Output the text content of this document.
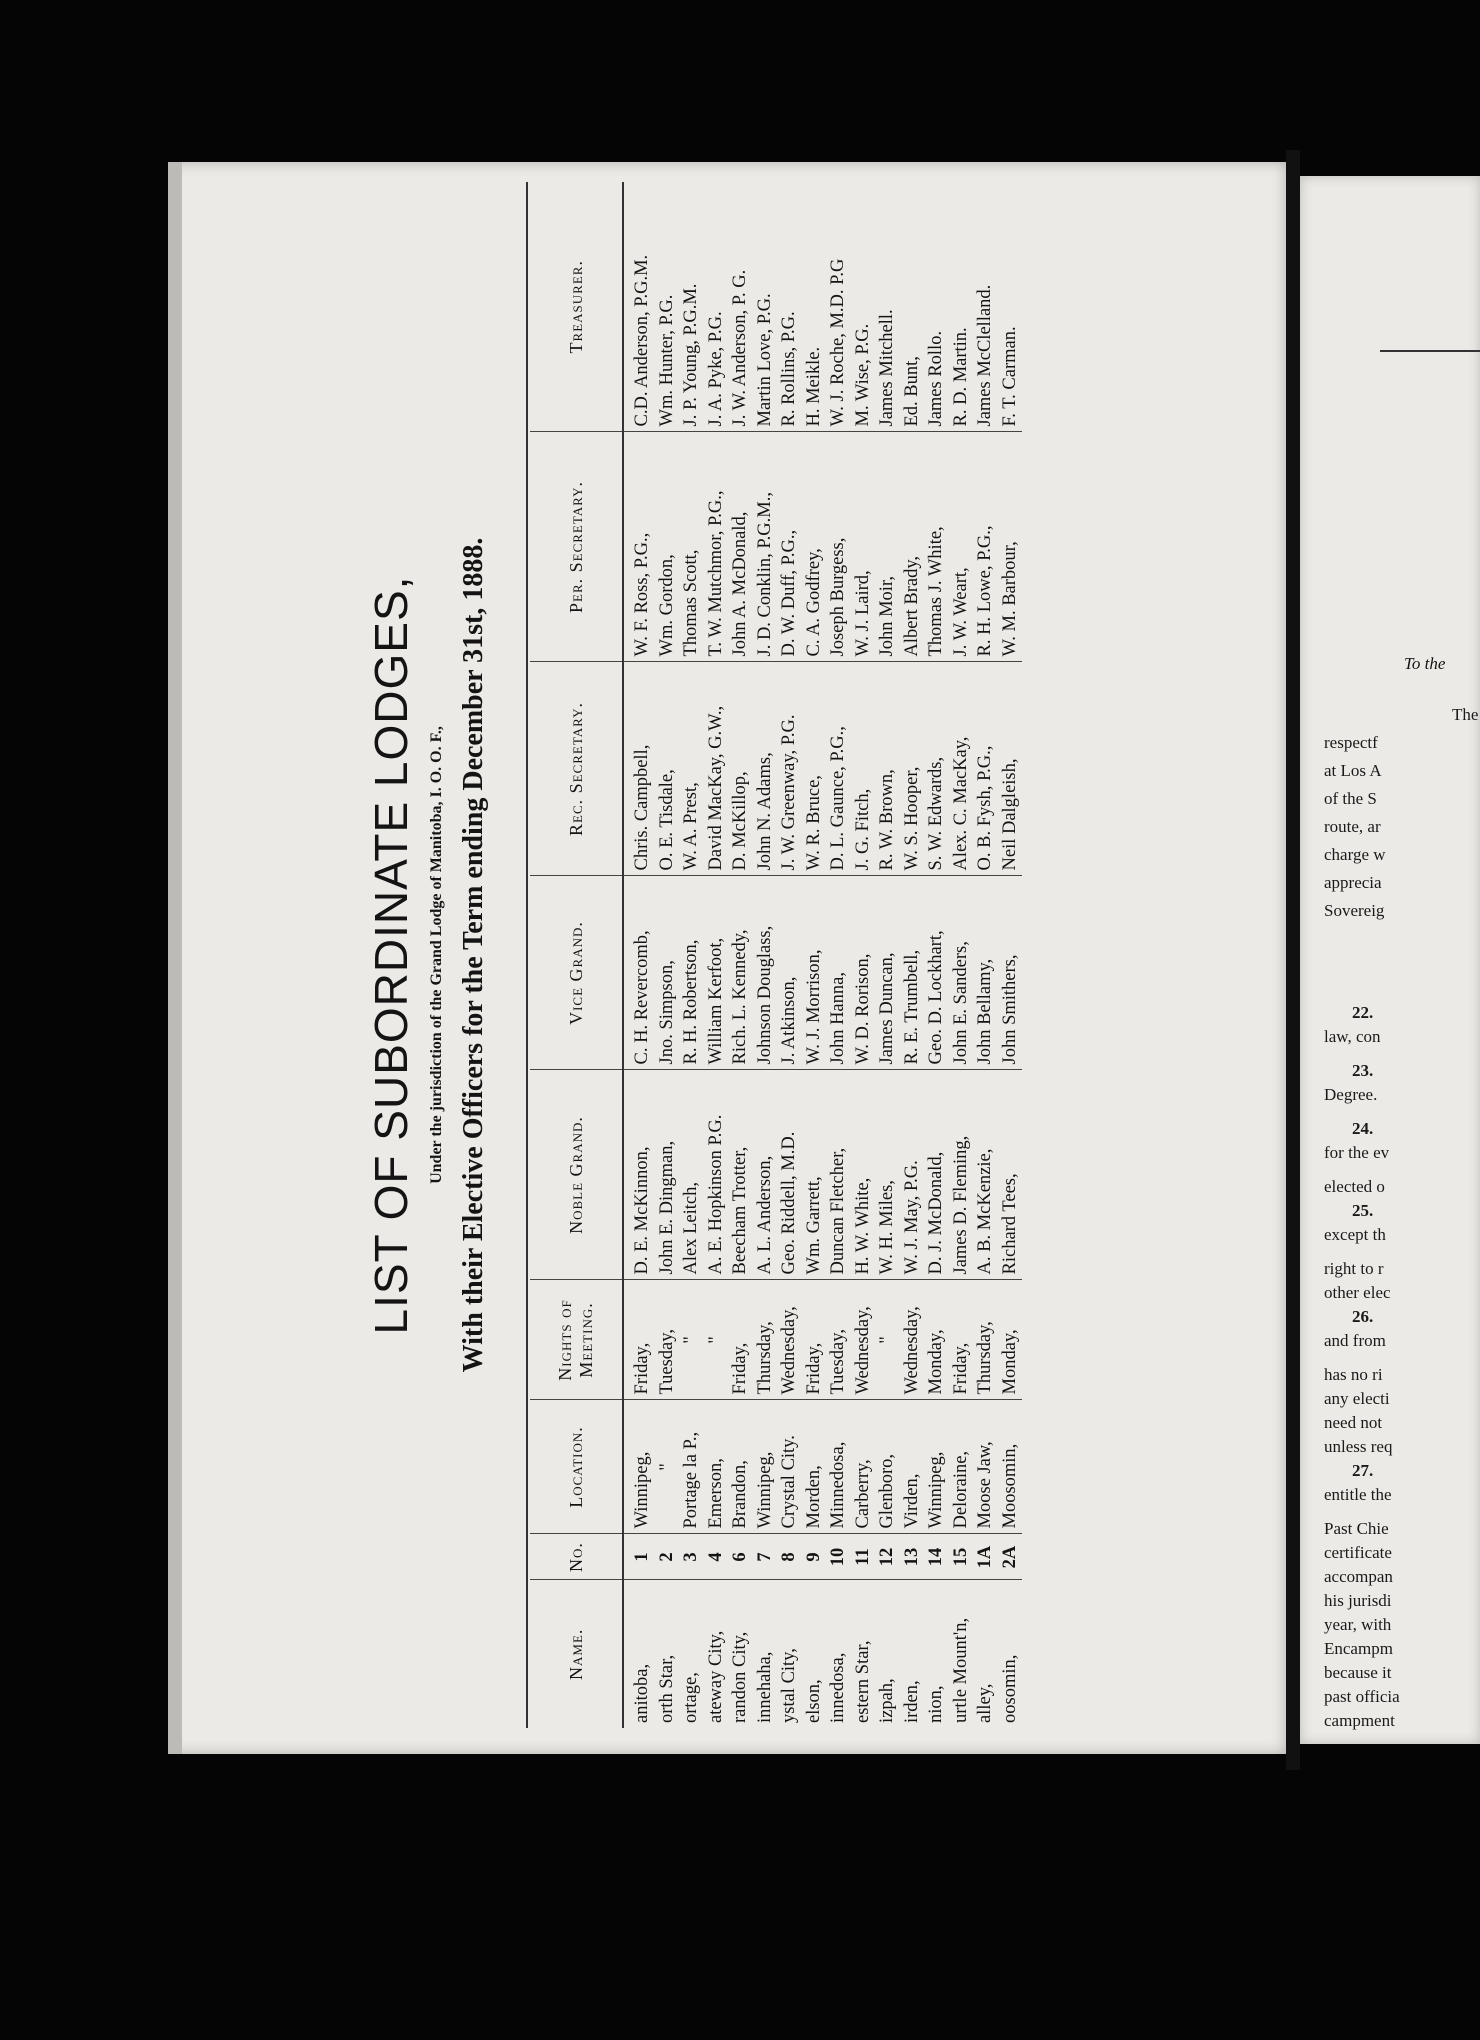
LIST OF SUBORDINATE LODGES, Under the jurisdiction of the Grand Lodge of Manitoba, I. O. O. F., With their Elective Officers for the Term ending December 31st, 1888.
Name.	No.	Location.	Nights of Meeting.	Noble Grand.	Vice Grand.	Rec. Secretary.	Per. Secretary.	Treasurer.
anitoba,	1	Winnipeg,	Friday,	D. E. McKinnon,	C. H. Revercomb,	Chris. Campbell,	W. F. Ross, P.G.,	C.D. Anderson, P.G.M.
orth Star,	2	"	Tuesday,	John E. Dingman,	Jno. Simpson,	O. E. Tisdale,	Wm. Gordon,	Wm. Hunter, P.G.
ortage,	3	Portage la P.,	"	Alex Leitch,	R. H. Robertson,	W. A. Prest,	Thomas Scott,	J. P. Young, P.G.M.
ateway City,	4	Emerson,	"	A. E. Hopkinson P.G.	William Kerfoot,	David MacKay, G.W.,	T. W. Mutchmor, P.G.,	J. A. Pyke, P.G.
randon City,	6	Brandon,	Friday,	Beecham Trotter,	Rich. L. Kennedy,	D. McKillop,	John A. McDonald,	J. W. Anderson, P. G.
innehaha,	7	Winnipeg,	Thursday,	A. L. Anderson,	Johnson Douglass,	John N. Adams,	J. D. Conklin, P.G.M.,	Martin Love, P.G.
ystal City,	8	Crystal City.	Wednesday,	Geo. Riddell, M.D.	J. Atkinson,	J. W. Greenway, P.G.	D. W. Duff, P.G.,	R. Rollins, P.G.
elson,	9	Morden,	Friday,	Wm. Garrett,	W. J. Morrison,	W. R. Bruce,	C. A. Godfrey,	H. Meikle.
innedosa,	10	Minnedosa,	Tuesday,	Duncan Fletcher,	John Hanna,	D. L. Gaunce, P.G.,	Joseph Burgess,	W. J. Roche, M.D. P.G
estern Star,	11	Carberry,	Wednesday,	H. W. White,	W. D. Rorison,	J. G. Fitch,	W. J. Laird,	M. Wise, P.G.
izpah,	12	Glenboro,	"	W. H. Miles,	James Duncan,	R. W. Brown,	John Moir,	James Mitchell.
irden,	13	Virden,	Wednesday,	W. J. May, P.G.	R. E. Trumbell,	W. S. Hooper,	Albert Brady,	Ed. Bunt,
nion,	14	Winnipeg,	Monday,	D. J. McDonald,	Geo. D. Lockhart,	S. W. Edwards,	Thomas J. White,	James Rollo.
urtle Mount'n,	15	Deloraine,	Friday,	James D. Fleming,	John E. Sanders,	Alex. C. MacKay,	J. W. Weart,	R. D. Martin.
alley,	1A	Moose Jaw,	Thursday,	A. B. McKenzie,	John Bellamy,	O. B. Fysh, P.G.,	R. H. Lowe, P.G.,	James McClelland.
oosomin,	2A	Moosomin,	Monday,	Richard Tees,	John Smithers,	Neil Dalgleish,	W. M. Barbour,	F. T. Carman.
To the
The
respectf
at Los A
of the S
route, ar
charge w
apprecia
Sovereig
22.
law, con
23.
Degree.
24.
for the ev
elected o
25.
except th
right to r
other elec
26.
and from
has no ri
any electi
need not
unless req
27.
entitle the
Past Chie
certificate
accompan
his jurisdi
year, with
Encampm
because it
past officia
campment
